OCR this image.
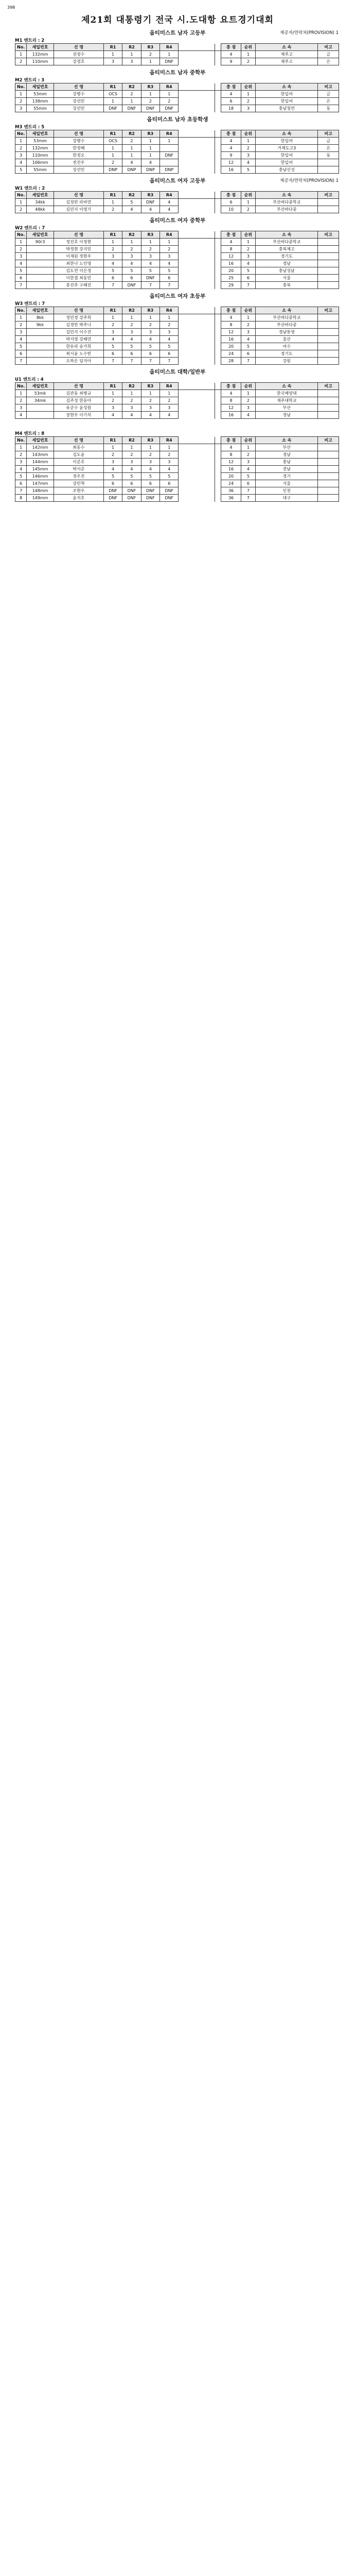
398
제21회 대통령기 전국 시.도대항 요트경기대회
옵티미스트 남자 고등부	제공자/연락처(PROVISION) 1
M1 엔트리 : 2
No.	세일번호	선 명	R1	R2	R3	R4			총 점	순위	소 속	비고
1	132mm	권정수	1	1	2	1			4	1	제주고	금
2	110mm	강경호	3	3	1	DNF			9	2	제주고	은
옵티미스트 남자 중학부
M2 엔트리 : 3
No.	세일번호	선 명	R1	R2	R3	R4			총 점	순위	소 속	비고
1	53mm	강병수	OCS	2	1	1			4	1	한일여	금
2	138mm	강선민	1	1	2	2			6	2	한일여	은
3	55mm	강선민	DNF	DNF	DNF	DNF			18	3	충남청연	동
옵티미스트 남자 초등학생
M3 엔트리 : 5
No.	세일번호	선 명	R1	R2	R3	R4			총 점	순위	소 속	비고
1	53mm	강병수	OCS	2	1	1			4	1	한일여	금
2	132mm	한정혜	1	1	1				4	2	거제도고3	은
3	110mm	한정오	1	1	1	DNF			9	3	한일여	동
4	106mm	전진우	2	4	4				12	4	한일여	
5	55mm	강선민	DNP	DNP	DNP	DNP			16	5	충남신성	
옵티미스트 여자 고등부	제공자/연락처(PROVISION) 1
W1 엔트리 : 2
No.	세일번호	선 명	R1	R2	R3	R4			총 점	순위	소 속	비고
1	34kk	김정빈 라비연	1	5	DNF	4			6	1	부산바다중학교	
2	48kk	김민지 이영기	2	4	4	4			10	2	부산바다중	
옵티미스트 여자 중학부
W2 엔트리 : 7
No.	세일번호	선 명	R1	R2	R3	R4			총 점	순위	소 속	비고
1	90r3	정진호 이정현	1	1	1	1			4	1	부산바다중학교	
2		박정현 강지민	2	2	2	2			8	2	충북체고	
3		이재원 정현우	3	3	3	3			12	3	경기도	
4		최한나 노인영	4	4	4	4			16	4	경남	
5		김도연 이은정	5	5	5	5			20	5	충남성남	
6		이한결 최동민	6	6	DNF	6			25	6	서울	
7		홍진주 구혜진	7	DNF	7	7			29	7	충북	
옵티미스트 여자 초등부
W3 엔트리 : 7
No.	세일번호	선 명	R1	R2	R3	R4			총 점	순위	소 속	비고
1	8kk	정민경 강주희	1	1	1	1			4	1	부산바다중학교	
2	9kk	김경만 박주나	2	2	2	2			8	2	부산바다중	
3		김민지 이수진	3	3	3	3			12	3	경남통영	
4		박지영 강혜연	4	4	4	4			16	4	울산	
5		한유라 송가희	5	5	5	5			20	5	여수	
6		최서윤 노수빈	6	6	6	6			24	6	경기도	
7		오하은 임지아	7	7	7	7			28	7	강원	
옵티미스트 대학/일반부
U1 엔트리 : 4
No.	세일번호	선 명	R1	R2	R3	R4			총 점	순위	소 속	비고
1	53mk	김관동 최병규	1	1	1	1			4	1	한국해양대	
2	34mk	김주성 한동아	2	2	2	2			8	2	제주대학교	
3		유준수 윤성원	3	3	3	3			12	3	부산	
4		장현우 이기석	4	4	4	4			16	4	경남	
M4 엔트리 : 8
No.	세일번호	선 명	R1	R2	R3	R4			총 점	순위	소 속	비고
1	142mm	최동수	1	1	1	1			4	1	부산	
2	143mm	김도윤	2	2	2	2			8	2	경남	
3	144mm	이준호	3	3	3	3			12	3	충남	
4	145mm	박서준	4	4	4	4			16	4	전남	
5	146mm	정우진	5	5	5	5			20	5	경기	
6	147mm	강민혁	6	6	6	6			24	6	서울	
7	148mm	조현우	DNF	DNF	DNF	DNF			36	7	인천	
8	149mm	윤지호	DNF	DNF	DNF	DNF			36	7	대구	
